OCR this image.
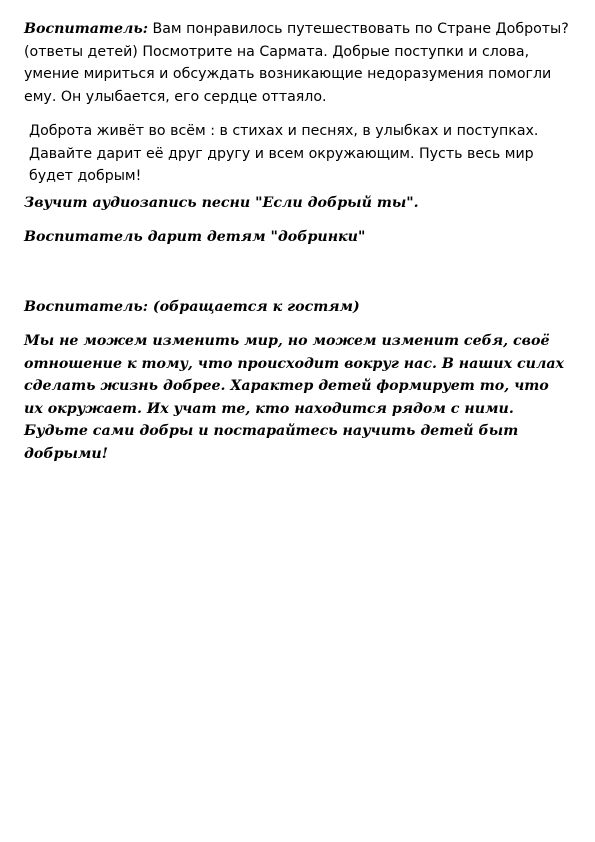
Воспитатель: Вам понравилось путешествовать по Стране Доброты?(ответы детей) Посмотрите на Сармата. Добрые поступки и слова, умение мириться и обсуждать возникающие недоразумения помогли ему. Он улыбается, его сердце оттаяло.

Доброта живёт во всём : в стихах и песнях, в улыбках и поступках. Давайте дарит её друг другу и всем окружающим. Пусть весь мир будет добрым!

Звучит аудиозапись песни "Если добрый ты".

Воспитатель дарит детям "добринки"

Воспитатель: (обращается к гостям)

Мы не можем изменить мир, но можем изменит себя, своё отношение к тому, что происходит вокруг нас. В наших силах сделать жизнь добрее. Характер детей формирует то, что их окружает. Их учат те, кто находится рядом с ними. Будьте сами добры и постарайтесь научить детей быт добрыми!
